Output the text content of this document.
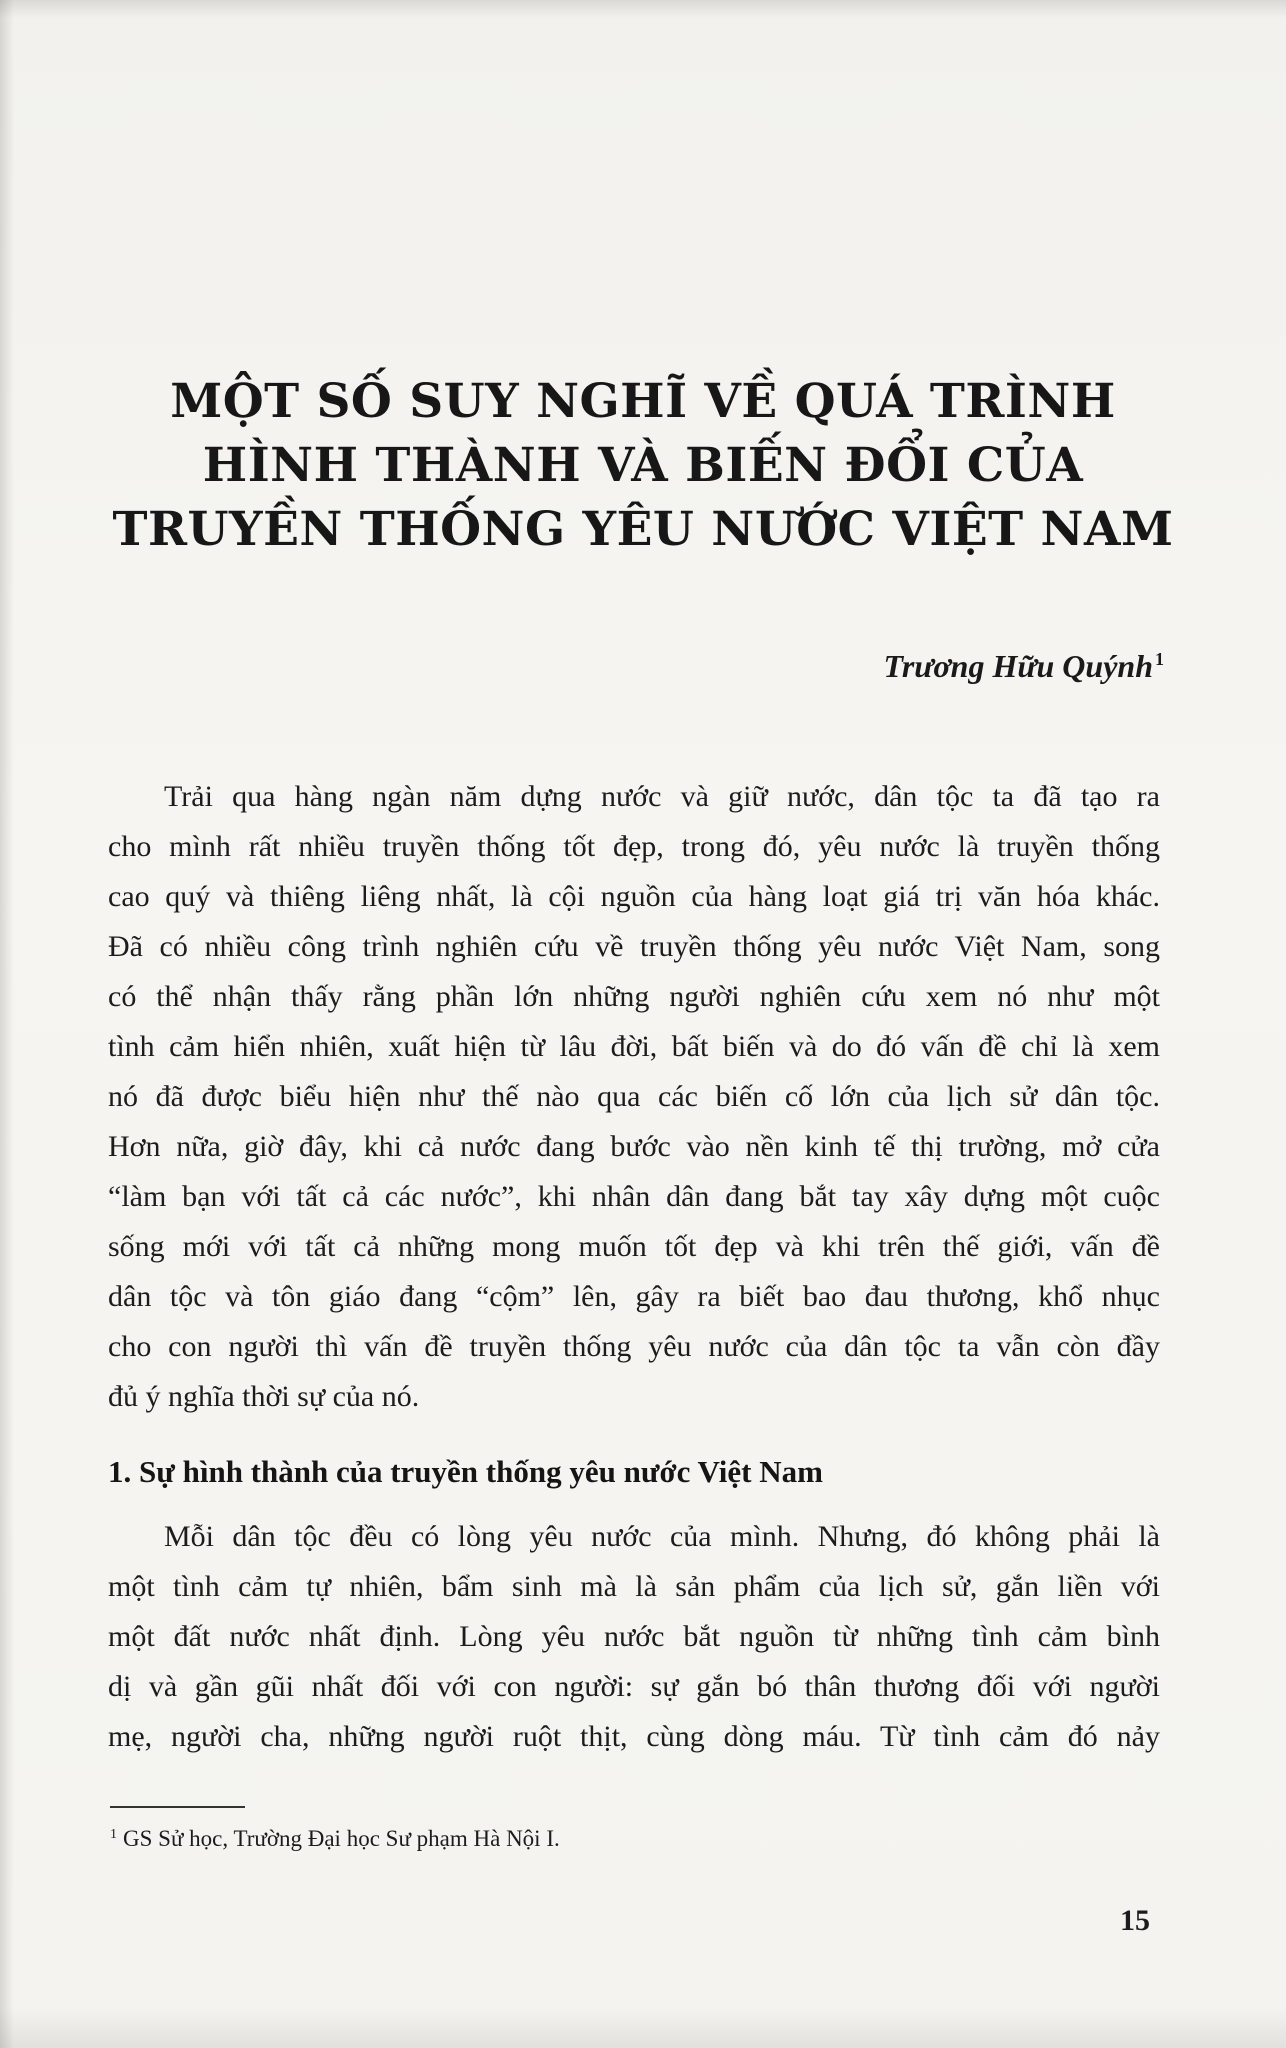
MỘT SỐ SUY NGHĨ VỀ QUÁ TRÌNH
HÌNH THÀNH VÀ BIẾN ĐỔI CỦA
TRUYỀN THỐNG YÊU NƯỚC VIỆT NAM
Trương Hữu Quýnh $^1$
Trải qua hàng ngàn năm dựng nước và giữ nước, dân tộc ta đã tạo ra
cho mình rất nhiều truyền thống tốt đẹp, trong đó, yêu nước là truyền thống
cao quý và thiêng liêng nhất, là cội nguồn của hàng loạt giá trị văn hóa khác.
Đã có nhiều công trình nghiên cứu về truyền thống yêu nước Việt Nam, song
có thể nhận thấy rằng phần lớn những người nghiên cứu xem nó như một
tình cảm hiển nhiên, xuất hiện từ lâu đời, bất biến và do đó vấn đề chỉ là xem
nó đã được biểu hiện như thế nào qua các biến cố lớn của lịch sử dân tộc.
Hơn nữa, giờ đây, khi cả nước đang bước vào nền kinh tế thị trường, mở cửa
“làm bạn với tất cả các nước”, khi nhân dân đang bắt tay xây dựng một cuộc
sống mới với tất cả những mong muốn tốt đẹp và khi trên thế giới, vấn đề
dân tộc và tôn giáo đang “cộm” lên, gây ra biết bao đau thương, khổ nhục
cho con người thì vấn đề truyền thống yêu nước của dân tộc ta vẫn còn đầy
đủ ý nghĩa thời sự của nó.
1. Sự hình thành của truyền thống yêu nước Việt Nam
Mỗi dân tộc đều có lòng yêu nước của mình. Nhưng, đó không phải là
một tình cảm tự nhiên, bẩm sinh mà là sản phẩm của lịch sử, gắn liền với
một đất nước nhất định. Lòng yêu nước bắt nguồn từ những tình cảm bình
dị và gần gũi nhất đối với con người: sự gắn bó thân thương đối với người
mẹ, người cha, những người ruột thịt, cùng dòng máu. Từ tình cảm đó nảy
$^1$ GS Sử học, Trường Đại học Sư phạm Hà Nội I.
15
